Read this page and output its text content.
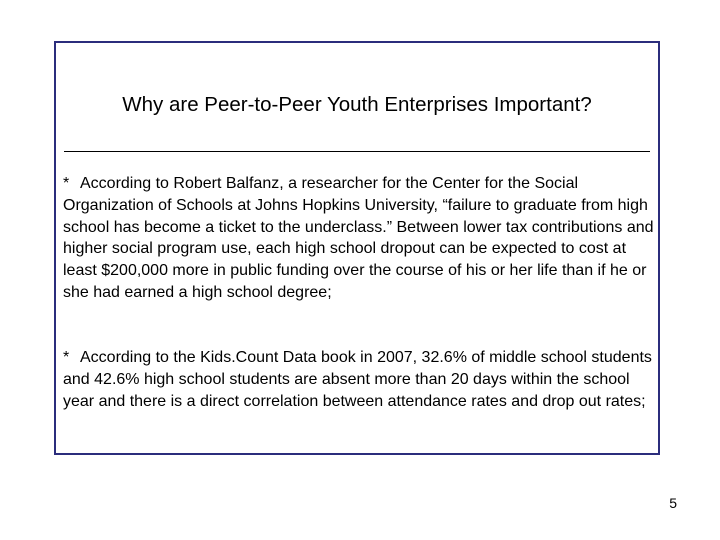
Why are Peer-to-Peer Youth Enterprises Important?

* According to Robert Balfanz, a researcher for the Center for the Social Organization of Schools at Johns Hopkins University, “failure to graduate from high school has become a ticket to the underclass.” Between lower tax contributions and higher social program use, each high school dropout can be expected to cost at least $200,000 more in public funding over the course of his or her life than if he or she had earned a high school degree;

* According to the Kids.Count Data book in 2007, 32.6% of middle school students and 42.6% high school students are absent more than 20 days within the school year and there is a direct correlation between attendance rates and drop out rates;

5
